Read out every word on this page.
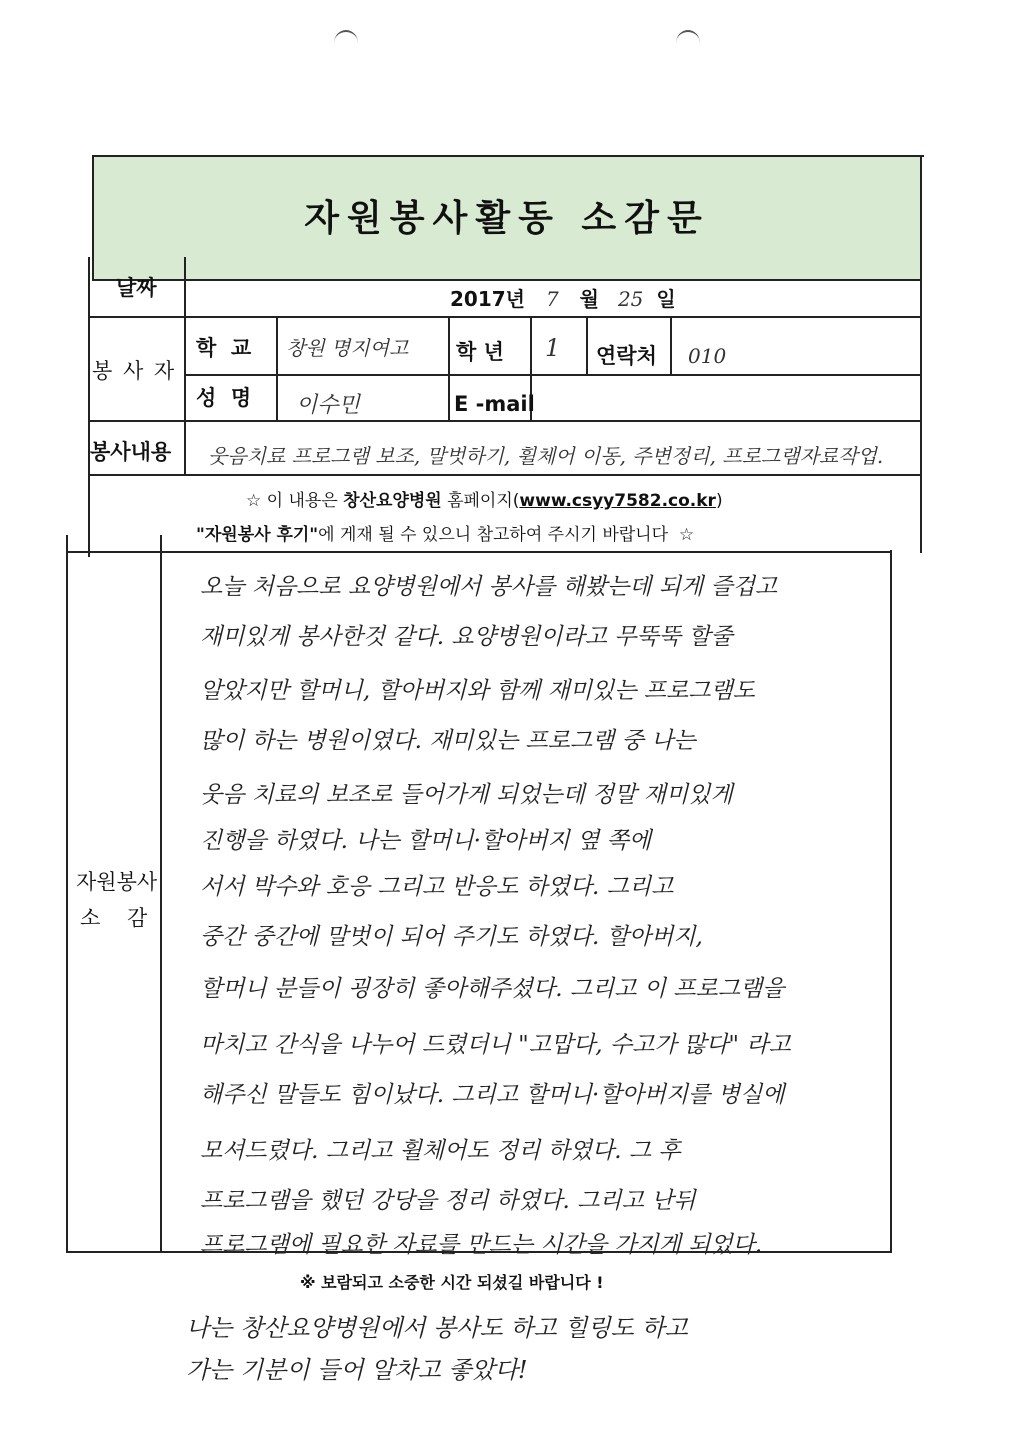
자원봉사활동 소감문
날짜	2017년 7 월 25 일
봉 사 자
학  교 창원 명지여고 학 년 1 연락처 010
성  명 이수민	E -mail
봉사내용 웃음치료 프로그램 보조, 말벗하기, 휠체어 이동, 주변정리, 프로그램자료작업.
☆ 이 내용은 창산요양병원 홈페이지(www.csyy7582.co.kr)
"자원봉사 후기"에 게재 될 수 있으니 참고하여 주시기 바랍니다  ☆
자원봉사
소    감
오늘 처음으로 요양병원에서 봉사를 해봤는데 되게 즐겁고
재미있게 봉사한것 같다. 요양병원이라고 무뚝뚝 할줄
알았지만 할머니, 할아버지와 함께 재미있는 프로그램도
많이 하는 병원이였다. 재미있는 프로그램 중 나는
웃음 치료의 보조로 들어가게 되었는데 정말 재미있게
진행을 하였다. 나는 할머니·할아버지 옆 쪽에
서서 박수와 호응 그리고 반응도 하였다. 그리고
중간 중간에 말벗이 되어 주기도 하였다. 할아버지,
할머니 분들이 굉장히 좋아해주셨다. 그리고 이 프로그램을
마치고 간식을 나누어 드렸더니 "고맙다, 수고가 많다" 라고
해주신 말들도 힘이났다. 그리고 할머니·할아버지를 병실에
모셔드렸다. 그리고 휠체어도 정리 하였다. 그 후
프로그램을 했던 강당을 정리 하였다. 그리고 난뒤
프로그램에 필요한 자료를 만드는 시간을 가지게 되었다.
※ 보람되고 소중한 시간 되셨길 바랍니다 !
나는 창산요양병원에서 봉사도 하고 힐링도 하고
가는 기분이 들어 알차고 좋았다!
